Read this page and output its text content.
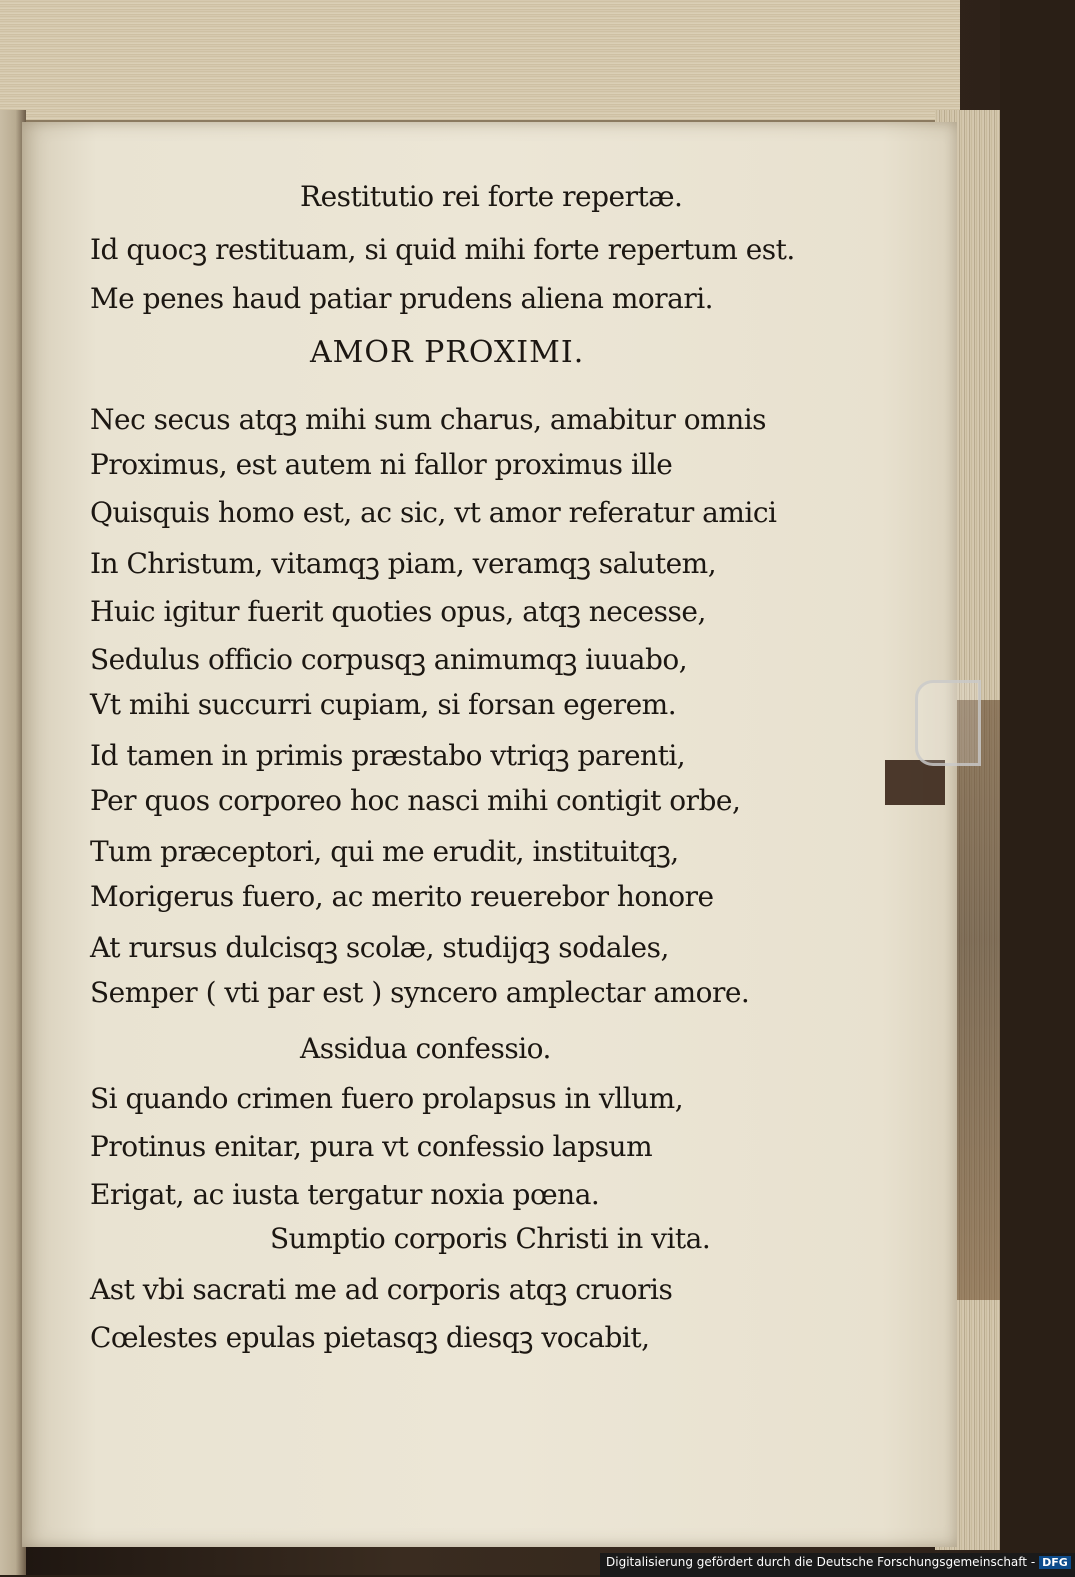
Restitutio rei forte repertæ.
Id quocꝫ restituam, si quid mihi forte repertum est.
Me penes haud patiar prudens aliena morari.
AMOR PROXIMI.
Nec secus atqꝫ mihi sum charus, amabitur omnis
Proximus, est autem ni fallor proximus ille
Quisquis homo est, ac sic, vt amor referatur amici
In Christum, vitamqꝫ piam, veramqꝫ salutem,
Huic igitur fuerit quoties opus, atqꝫ necesse,
Sedulus officio corpusqꝫ animumqꝫ iuuabo,
Vt mihi succurri cupiam, si forsan egerem.
Id tamen in primis præstabo vtriqꝫ parenti,
Per quos corporeo hoc nasci mihi contigit orbe,
Tum præceptori, qui me erudit, instituitqꝫ,
Morigerus fuero, ac merito reuerebor honore
At rursus dulcisqꝫ scolæ, studijqꝫ sodales,
Semper ( vti par est ) syncero amplectar amore.
Assidua confessio.
Si quando crimen fuero prolapsus in vllum,
Protinus enitar, pura vt confessio lapsum
Erigat, ac iusta tergatur noxia pœna.
Sumptio corporis Christi in vita.
Ast vbi sacrati me ad corporis atqꝫ cruoris
Cœlestes epulas pietasqꝫ diesqꝫ vocabit,
Digitalisierung gefördert durch die Deutsche Forschungsgemeinschaft - DFG
